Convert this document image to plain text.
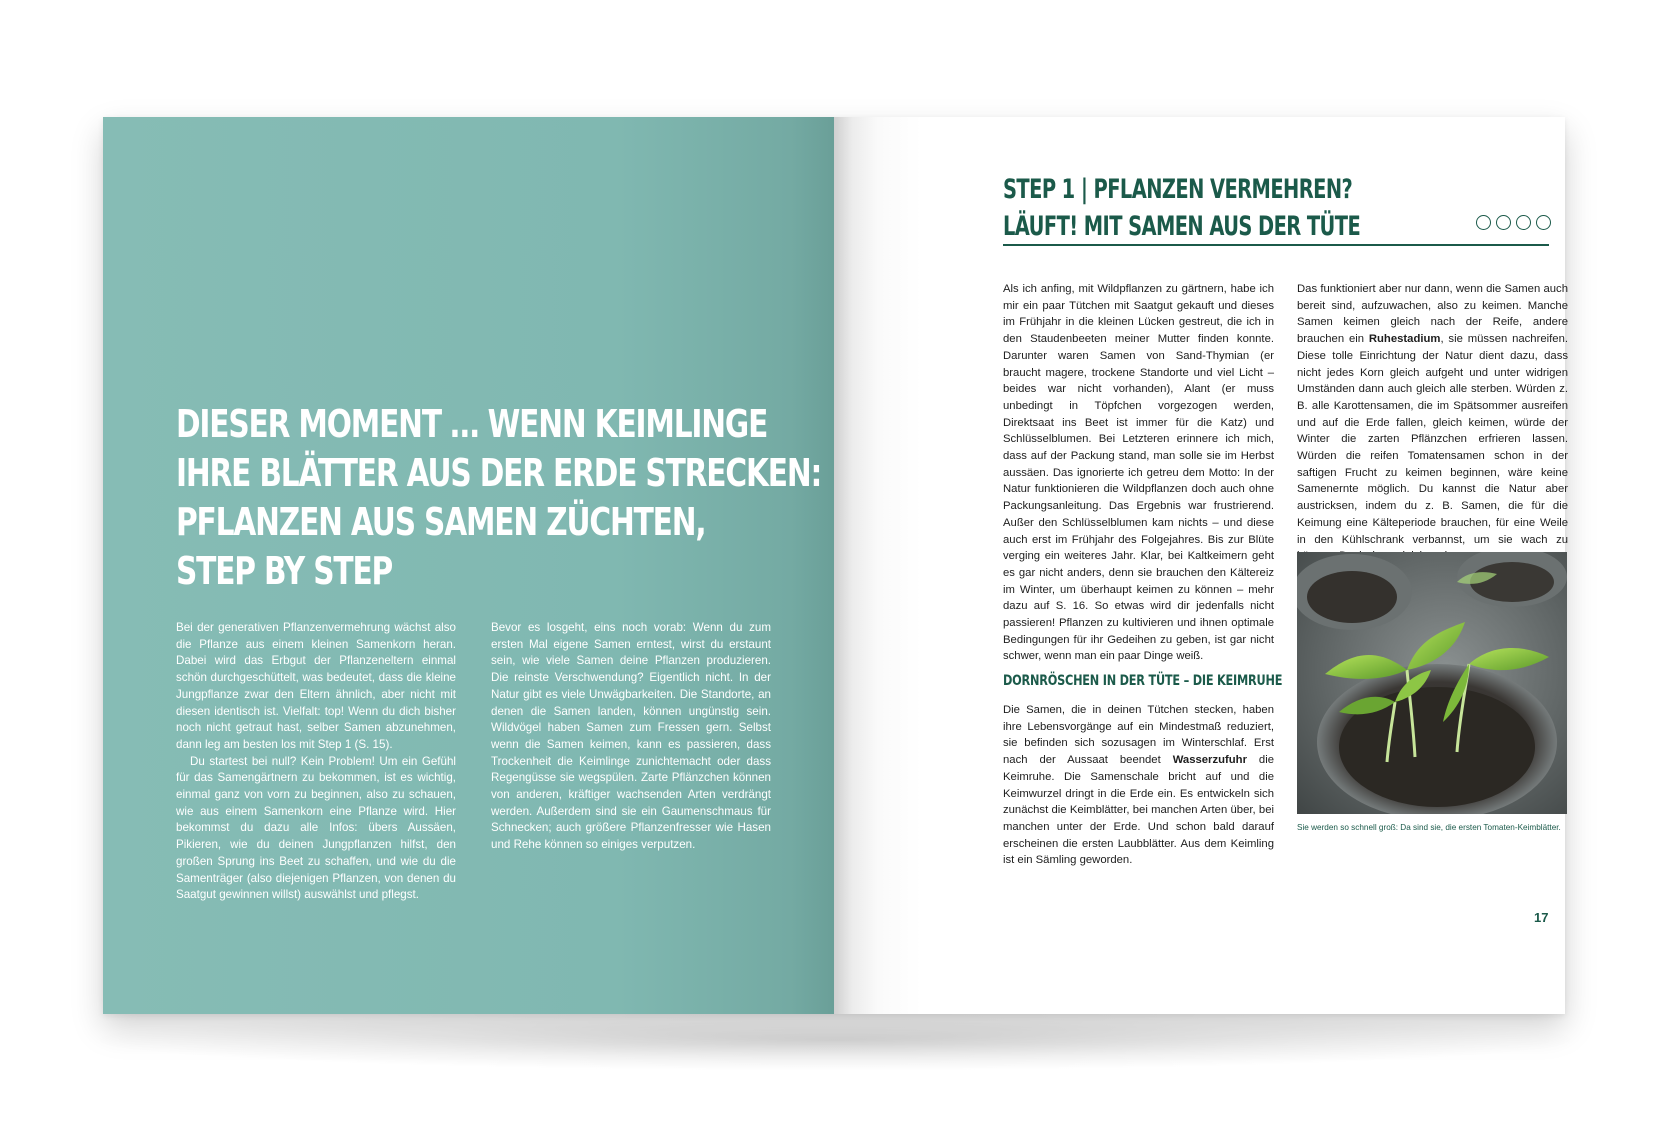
DIESER MOMENT … WENN KEIMLINGE
IHRE BLÄTTER AUS DER ERDE STRECKEN:
PFLANZEN AUS SAMEN ZÜCHTEN,
STEP BY STEP

Bei der generativen Pflanzenvermehrung wächst also die Pflanze aus einem kleinen Samenkorn heran. Dabei wird das Erbgut der Pflanzeneltern einmal schön durchgeschüttelt, was bedeutet, dass die kleine Jungpflanze zwar den Eltern ähnlich, aber nicht mit diesen identisch ist. Vielfalt: top! Wenn du dich bisher noch nicht getraut hast, selber Samen abzunehmen, dann leg am besten los mit Step 1 (S. 15).

Du startest bei null? Kein Problem! Um ein Gefühl für das Samengärtnern zu bekommen, ist es wichtig, einmal ganz von vorn zu beginnen, also zu schauen, wie aus einem Samenkorn eine Pflanze wird. Hier bekommst du dazu alle Infos: übers Aussäen, Pikieren, wie du deinen Jungpflanzen hilfst, den großen Sprung ins Beet zu schaffen, und wie du die Samenträger (also diejenigen Pflanzen, von denen du Saatgut gewinnen willst) auswählst und pflegst.

Bevor es losgeht, eins noch vorab: Wenn du zum ersten Mal eigene Samen erntest, wirst du erstaunt sein, wie viele Samen deine Pflanzen produzieren. Die reinste Verschwendung? Eigentlich nicht. In der Natur gibt es viele Unwägbarkeiten. Die Standorte, an denen die Samen landen, können ungünstig sein. Wildvögel haben Samen zum Fressen gern. Selbst wenn die Samen keimen, kann es passieren, dass Trockenheit die Keimlinge zunichtemacht oder dass Regengüsse sie wegspülen. Zarte Pflänzchen können von anderen, kräftiger wachsenden Arten verdrängt werden. Außerdem sind sie ein Gaumenschmaus für Schnecken; auch größere Pflanzenfresser wie Hasen und Rehe können so einiges verputzen.

STEP 1 | PFLANZEN VERMEHREN?
LÄUFT! MIT SAMEN AUS DER TÜTE

Als ich anfing, mit Wildpflanzen zu gärtnern, habe ich mir ein paar Tütchen mit Saatgut gekauft und dieses im Frühjahr in die kleinen Lücken gestreut, die ich in den Staudenbeeten meiner Mutter finden konnte. Darunter waren Samen von Sand-Thymian (er braucht magere, trockene Standorte und viel Licht – beides war nicht vorhanden), Alant (er muss unbedingt in Töpfchen vorgezogen werden, Direktsaat ins Beet ist immer für die Katz) und Schlüsselblumen. Bei Letzteren erinnere ich mich, dass auf der Packung stand, man solle sie im Herbst aussäen. Das ignorierte ich getreu dem Motto: In der Natur funktionieren die Wildpflanzen doch auch ohne Packungsanleitung. Das Ergebnis war frustrierend. Außer den Schlüsselblumen kam nichts – und diese auch erst im Frühjahr des Folgejahres. Bis zur Blüte verging ein weiteres Jahr. Klar, bei Kaltkeimern geht es gar nicht anders, denn sie brauchen den Kältereiz im Winter, um überhaupt keimen zu können – mehr dazu auf S. 16. So etwas wird dir jedenfalls nicht passieren! Pflanzen zu kultivieren und ihnen optimale Bedingungen für ihr Gedeihen zu geben, ist gar nicht schwer, wenn man ein paar Dinge weiß.

DORNRÖSCHEN IN DER TÜTE – DIE KEIMRUHE

Die Samen, die in deinen Tütchen stecken, haben ihre Lebensvorgänge auf ein Mindestmaß reduziert, sie befinden sich sozusagen im Winterschlaf. Erst nach der Aussaat beendet Wasserzufuhr die Keimruhe. Die Samenschale bricht auf und die Keimwurzel dringt in die Erde ein. Es entwickeln sich zunächst die Keimblätter, bei manchen Arten über, bei manchen unter der Erde. Und schon bald darauf erscheinen die ersten Laubblätter. Aus dem Keimling ist ein Sämling geworden.

Das funktioniert aber nur dann, wenn die Samen auch bereit sind, aufzuwachen, also zu keimen. Manche Samen keimen gleich nach der Reife, andere brauchen ein Ruhestadium, sie müssen nachreifen. Diese tolle Einrichtung der Natur dient dazu, dass nicht jedes Korn gleich aufgeht und unter widrigen Umständen dann auch gleich alle sterben. Würden z. B. alle Karottensamen, die im Spätsommer ausreifen und auf die Erde fallen, gleich keimen, würde der Winter die zarten Pflänzchen erfrieren lassen. Würden die reifen Tomatensamen schon in der saftigen Frucht zu keimen beginnen, wäre keine Samenernte möglich. Du kannst die Natur aber austricksen, indem du z. B. Samen, die für die Keimung eine Kälteperiode brauchen, für eine Weile in den Kühlschrank verbannst, um sie wach zu

Sie werden so schnell groß: Da sind sie, die ersten Tomaten-Keimblätter.
17
